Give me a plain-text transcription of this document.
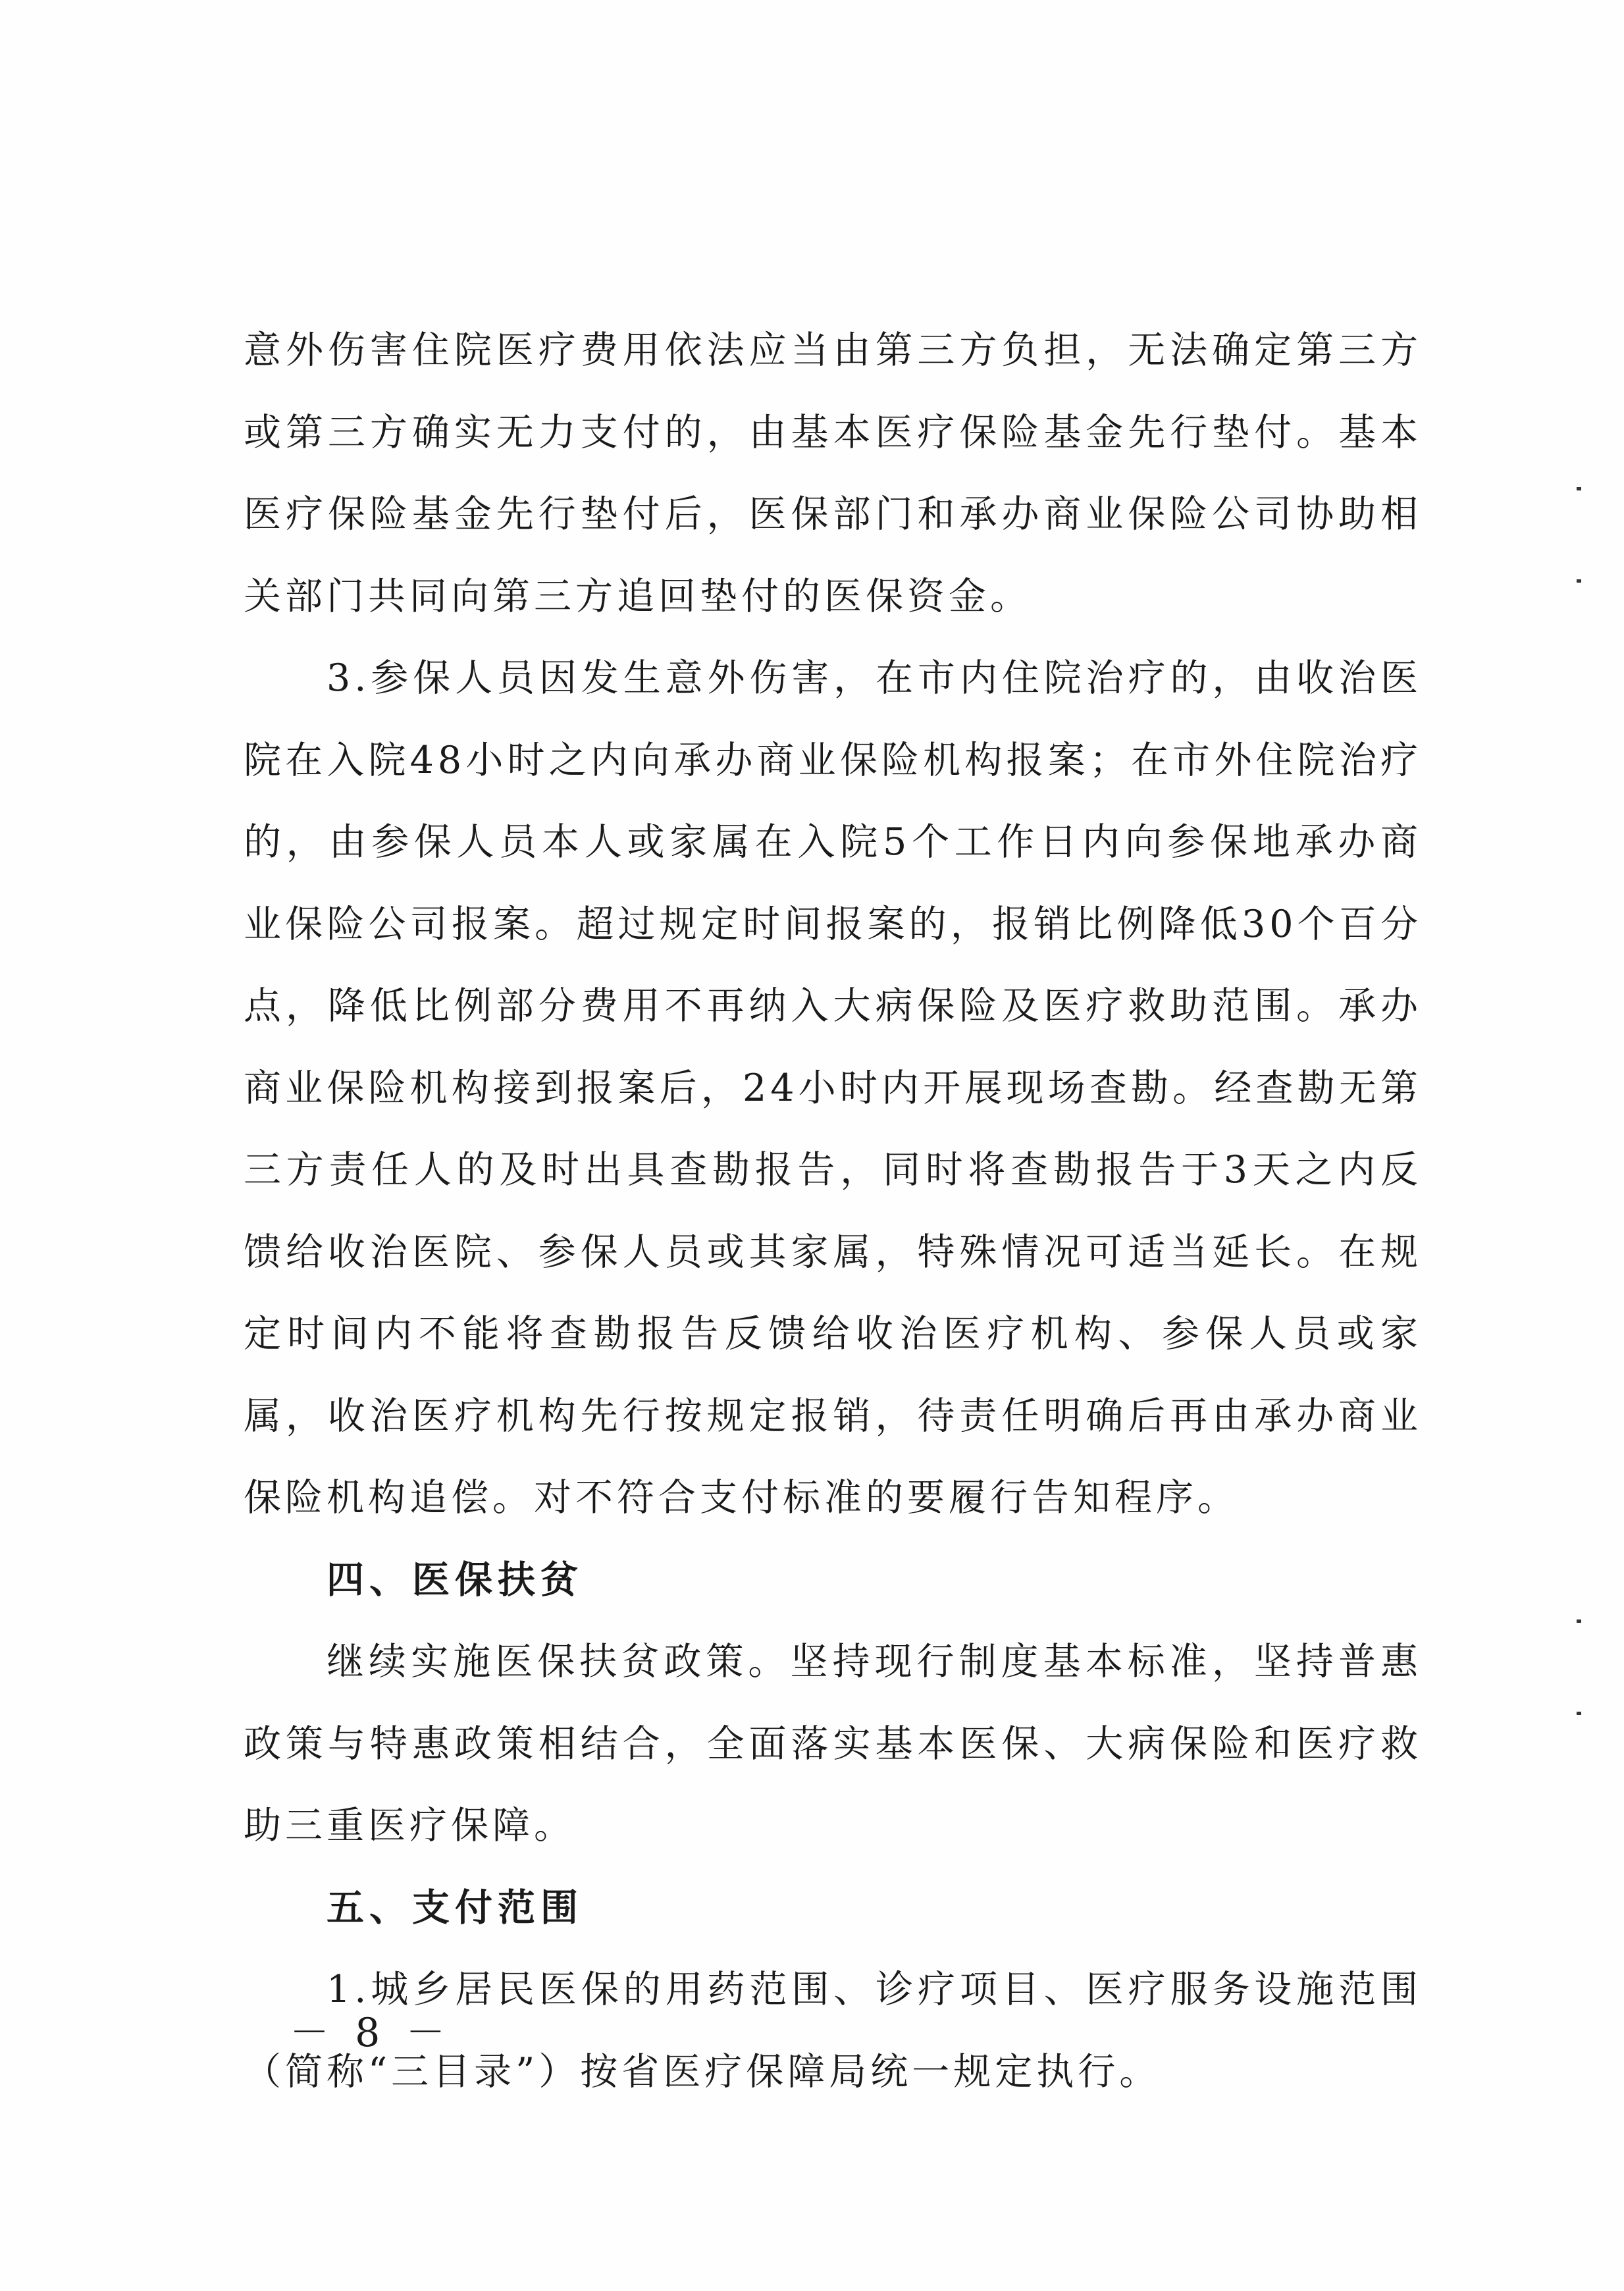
意外伤害住院医疗费用依法应当由第三方负担，无法确定第三方或第三方确实无力支付的，由基本医疗保险基金先行垫付。基本医疗保险基金先行垫付后，医保部门和承办商业保险公司协助相关部门共同向第三方追回垫付的医保资金。

3.参保人员因发生意外伤害，在市内住院治疗的，由收治医院在入院48小时之内向承办商业保险机构报案；在市外住院治疗的，由参保人员本人或家属在入院5个工作日内向参保地承办商业保险公司报案。超过规定时间报案的，报销比例降低30个百分点，降低比例部分费用不再纳入大病保险及医疗救助范围。承办商业保险机构接到报案后，24小时内开展现场查勘。经查勘无第三方责任人的及时出具查勘报告，同时将查勘报告于3天之内反馈给收治医院、参保人员或其家属，特殊情况可适当延长。在规定时间内不能将查勘报告反馈给收治医疗机构、参保人员或家属，收治医疗机构先行按规定报销，待责任明确后再由承办商业保险机构追偿。对不符合支付标准的要履行告知程序。

四、医保扶贫

继续实施医保扶贫政策。坚持现行制度基本标准，坚持普惠政策与特惠政策相结合，全面落实基本医保、大病保险和医疗救助三重医疗保障。

五、支付范围

1.城乡居民医保的用药范围、诊疗项目、医疗服务设施范围（简称“三目录”）按省医疗保障局统一规定执行。

－ 8 －
